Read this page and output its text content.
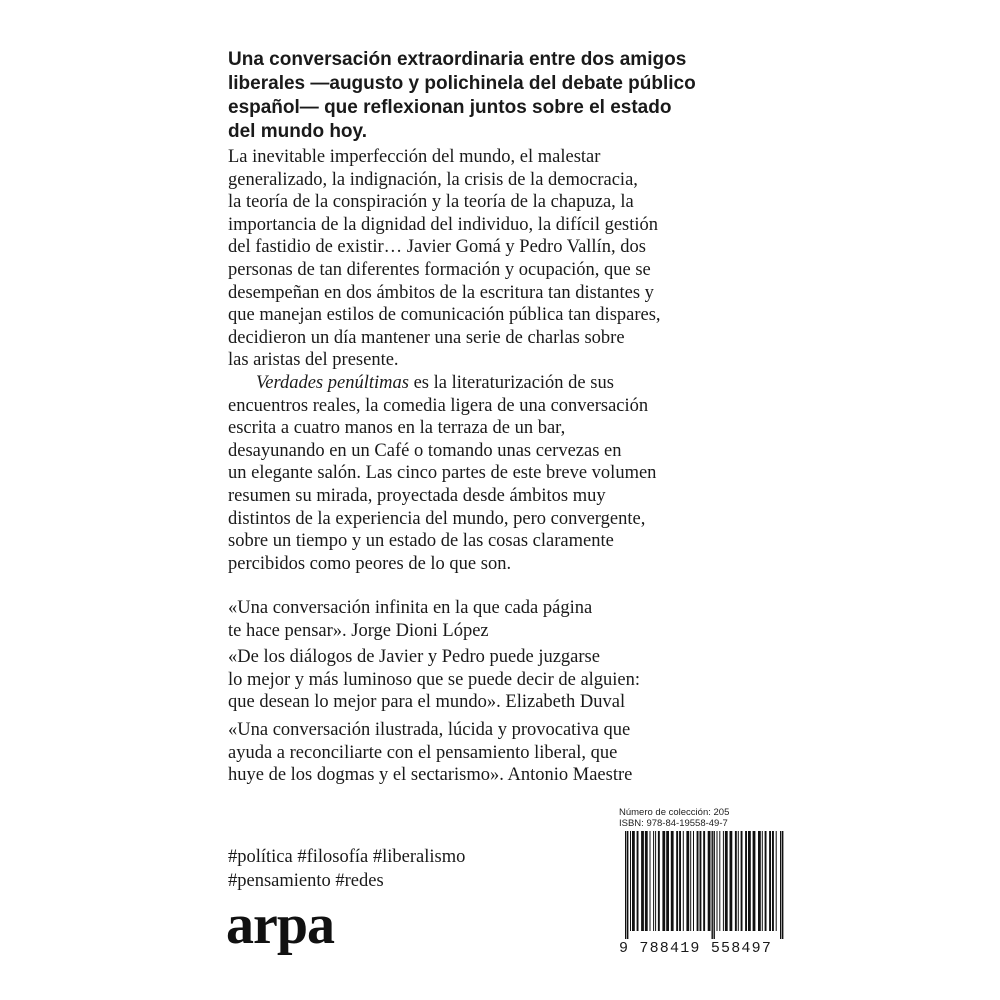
Una conversación extraordinaria entre dos amigos
liberales —augusto y polichinela del debate público
español— que reflexionan juntos sobre el estado
del mundo hoy.
La inevitable imperfección del mundo, el malestar
generalizado, la indignación, la crisis de la democracia,
la teoría de la conspiración y la teoría de la chapuza, la
importancia de la dignidad del individuo, la difícil gestión
del fastidio de existir… Javier Gomá y Pedro Vallín, dos
personas de tan diferentes formación y ocupación, que se
desempeñan en dos ámbitos de la escritura tan distantes y
que manejan estilos de comunicación pública tan dispares,
decidieron un día mantener una serie de charlas sobre
las aristas del presente.
Verdades penúltimas es la literaturización de sus
encuentros reales, la comedia ligera de una conversación
escrita a cuatro manos en la terraza de un bar,
desayunando en un Café o tomando unas cervezas en
un elegante salón. Las cinco partes de este breve volumen
resumen su mirada, proyectada desde ámbitos muy
distintos de la experiencia del mundo, pero convergente,
sobre un tiempo y un estado de las cosas claramente
percibidos como peores de lo que son.
«Una conversación infinita en la que cada página
te hace pensar». Jorge Dioni López
«De los diálogos de Javier y Pedro puede juzgarse
lo mejor y más luminoso que se puede decir de alguien:
que desean lo mejor para el mundo». Elizabeth Duval
«Una conversación ilustrada, lúcida y provocativa que
ayuda a reconciliarte con el pensamiento liberal, que
huye de los dogmas y el sectarismo». Antonio Maestre
#política #filosofía #liberalismo
#pensamiento #redes
arpa
Número de colección: 205
ISBN: 978-84-19558-49-7
9 788419 558497
